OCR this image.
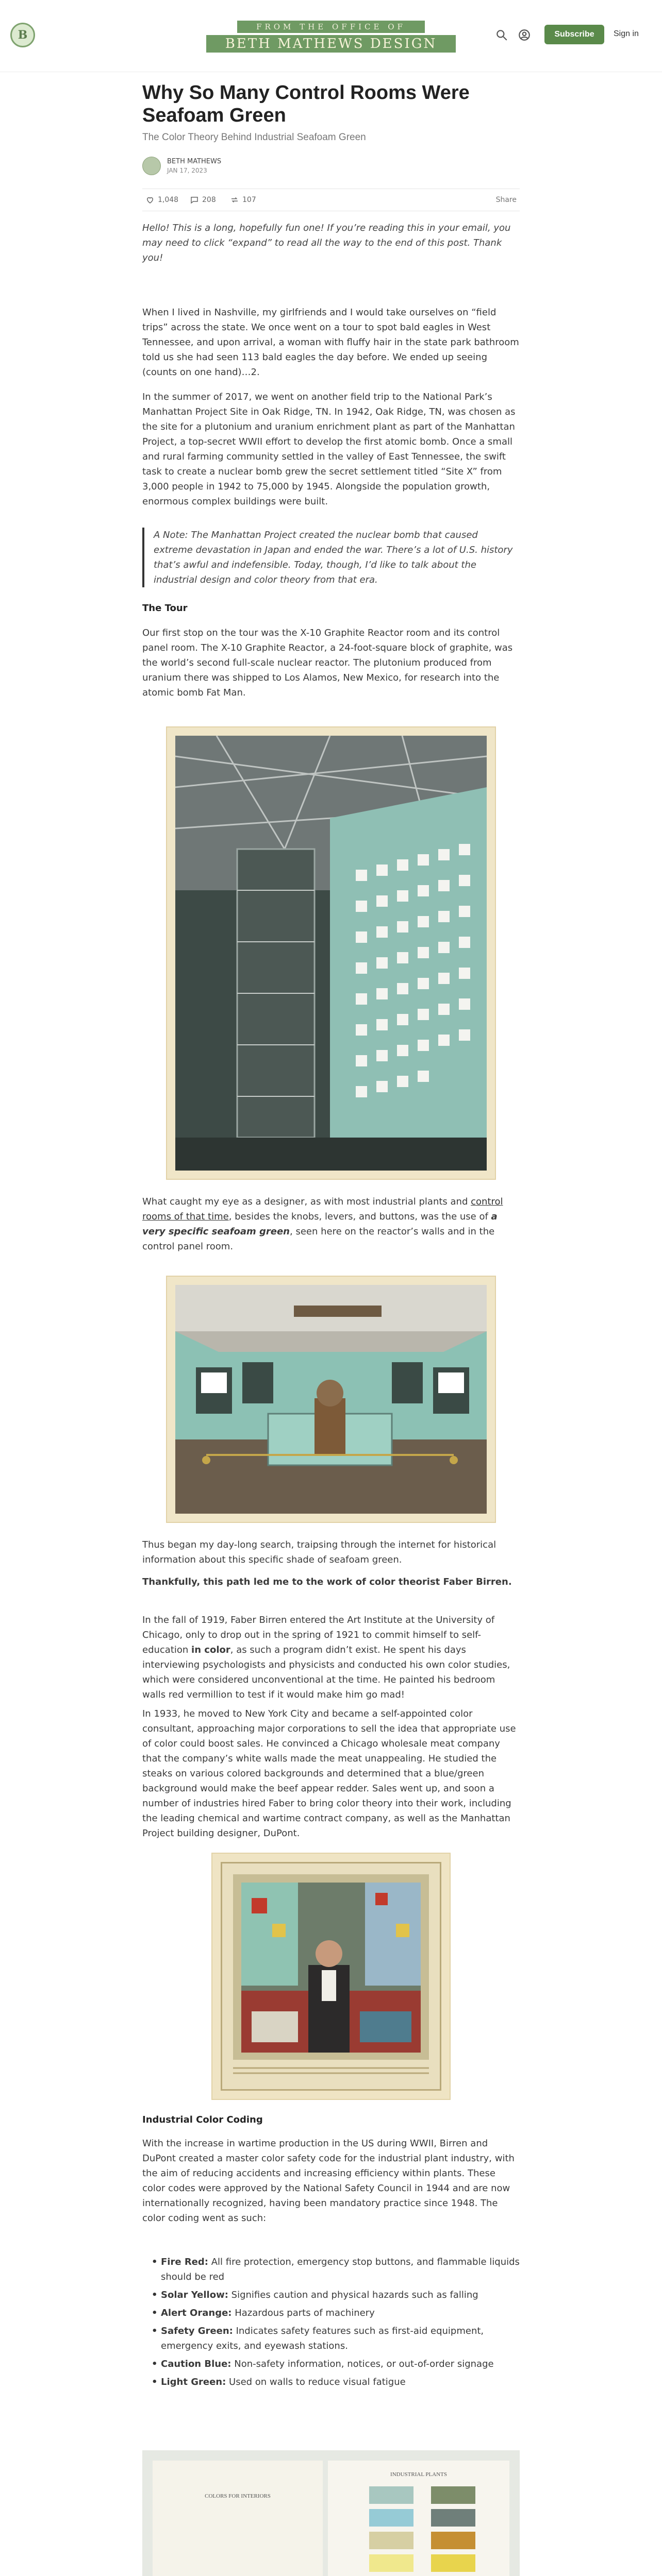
B
FROM THE OFFICE OF
BETH MATHEWS DESIGN
Subscribe	Sign in
Why So Many Control Rooms Were Seafoam Green
The Color Theory Behind Industrial Seafoam Green
BETH MATHEWS
JAN 17, 2023
1,048	208	107	Share

Hello! This is a long, hopefully fun one! If you’re reading this in your email, you may need to click “expand” to read all the way to the end of this post. Thank you!

When I lived in Nashville, my girlfriends and I would take ourselves on “field trips” across the state. We once went on a tour to spot bald eagles in West Tennessee, and upon arrival, a woman with fluffy hair in the state park bathroom told us she had seen 113 bald eagles the day before. We ended up seeing (counts on one hand)…2.

In the summer of 2017, we went on another field trip to the National Park’s Manhattan Project Site in Oak Ridge, TN. In 1942, Oak Ridge, TN, was chosen as the site for a plutonium and uranium enrichment plant as part of the Manhattan Project, a top-secret WWII effort to develop the first atomic bomb. Once a small and rural farming community settled in the valley of East Tennessee, the swift task to create a nuclear bomb grew the secret settlement titled “Site X” from 3,000 people in 1942 to 75,000 by 1945. Alongside the population growth, enormous complex buildings were built.

A Note: The Manhattan Project created the nuclear bomb that caused extreme devastation in Japan and ended the war. There’s a lot of U.S. history that’s awful and indefensible. Today, though, I’d like to talk about the industrial design and color theory from that era.

The Tour

Our first stop on the tour was the X-10 Graphite Reactor room and its control panel room. The X-10 Graphite Reactor, a 24-foot-square block of graphite, was the world’s second full-scale nuclear reactor. The plutonium produced from uranium there was shipped to Los Alamos, New Mexico, for research into the atomic bomb Fat Man.

What caught my eye as a designer, as with most industrial plants and control rooms of that time, besides the knobs, levers, and buttons, was the use of a very specific seafoam green, seen here on the reactor’s walls and in the control panel room.

Thus began my day-long search, traipsing through the internet for historical information about this specific shade of seafoam green.

Thankfully, this path led me to the work of color theorist Faber Birren.

In the fall of 1919, Faber Birren entered the Art Institute at the University of Chicago, only to drop out in the spring of 1921 to commit himself to self-education in color, as such a program didn’t exist. He spent his days interviewing psychologists and physicists and conducted his own color studies, which were considered unconventional at the time. He painted his bedroom walls red vermillion to test if it would make him go mad!

In 1933, he moved to New York City and became a self-appointed color consultant, approaching major corporations to sell the idea that appropriate use of color could boost sales. He convinced a Chicago wholesale meat company that the company’s white walls made the meat unappealing. He studied the steaks on various colored backgrounds and determined that a blue/green background would make the beef appear redder. Sales went up, and soon a number of industries hired Faber to bring color theory into their work, including the leading chemical and wartime contract company, as well as the Manhattan Project building designer, DuPont.

Industrial Color Coding

With the increase in wartime production in the US during WWII, Birren and DuPont created a master color safety code for the industrial plant industry, with the aim of reducing accidents and increasing efficiency within plants. These color codes were approved by the National Safety Council in 1944 and are now internationally recognized, having been mandatory practice since 1948. The color coding went as such:

• Fire Red: All fire protection, emergency stop buttons, and flammable liquids should be red
• Solar Yellow: Signifies caution and physical hazards such as falling
• Alert Orange: Hazardous parts of machinery
• Safety Green: Indicates safety features such as first-aid equipment, emergency exits, and eyewash stations.
• Caution Blue: Non-safety information, notices, or out-of-order signage
• Light Green: Used on walls to reduce visual fatigue
COLORS FOR INTERIORS
INDUSTRIAL PLANTS
